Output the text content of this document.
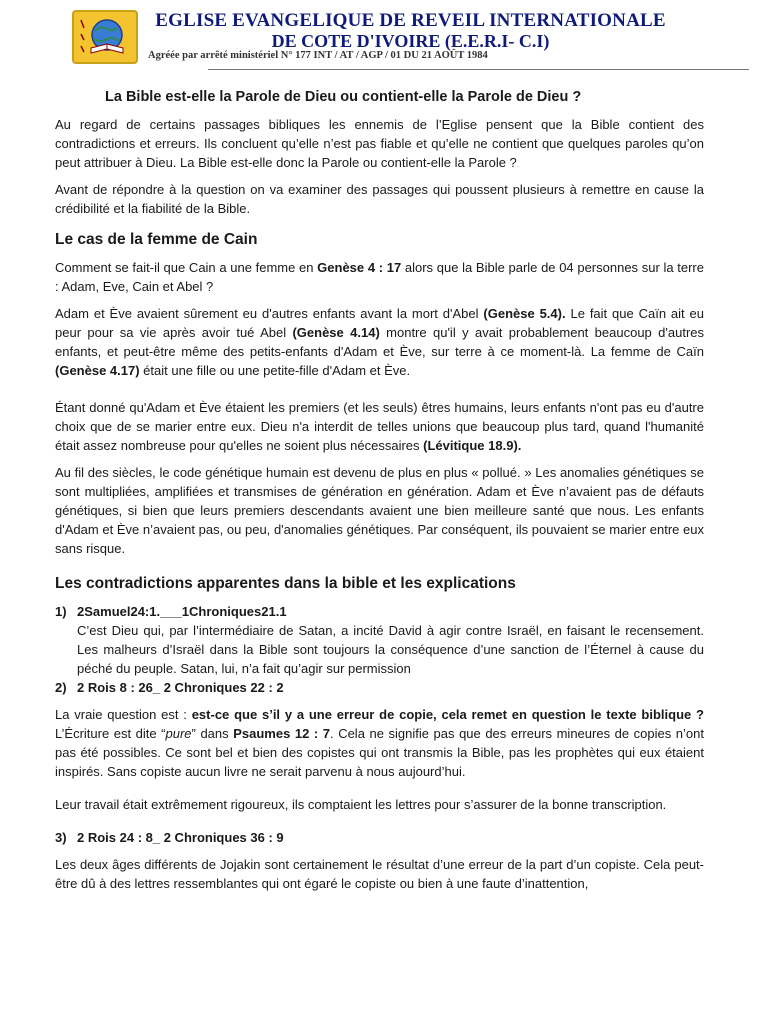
EGLISE EVANGELIQUE DE REVEIL INTERNATIONALE
DE COTE D'IVOIRE (E.E.R.I- C.I)
Agréée par arrêté ministériel N° 177 INT / AT / AGP / 01 DU 21 AOÛT 1984
La Bible est-elle la Parole de Dieu ou contient-elle la Parole de Dieu ?

Au regard de certains passages bibliques les ennemis de l’Eglise pensent que la Bible contient des contradictions et erreurs. Ils concluent qu’elle n’est pas fiable et qu’elle ne contient que quelques paroles qu’on peut attribuer à Dieu. La Bible est-elle donc la Parole ou contient-elle la Parole ?

Avant de répondre à la question on va examiner des passages qui poussent plusieurs à remettre en cause la crédibilité et la fiabilité de la Bible.

Le cas de la femme de Cain

Comment se fait-il que Cain a une femme en Genèse 4 : 17 alors que la Bible parle de 04 personnes sur la terre : Adam, Eve, Cain et Abel ?

Adam et Ève avaient sûrement eu d'autres enfants avant la mort d'Abel (Genèse 5.4). Le fait que Caïn ait eu peur pour sa vie après avoir tué Abel (Genèse 4.14) montre qu'il y avait probablement beaucoup d'autres enfants, et peut-être même des petits-enfants d'Adam et Ève, sur terre à ce moment-là. La femme de Caïn (Genèse 4.17) était une fille ou une petite-fille d'Adam et Ève.

Étant donné qu'Adam et Ève étaient les premiers (et les seuls) êtres humains, leurs enfants n'ont pas eu d'autre choix que de se marier entre eux. Dieu n'a interdit de telles unions que beaucoup plus tard, quand l'humanité était assez nombreuse pour qu'elles ne soient plus nécessaires (Lévitique 18.9).

Au fil des siècles, le code génétique humain est devenu de plus en plus « pollué. » Les anomalies génétiques se sont multipliées, amplifiées et transmises de génération en génération. Adam et Ève n’avaient pas de défauts génétiques, si bien que leurs premiers descendants avaient une bien meilleure santé que nous. Les enfants d'Adam et Ève n’avaient pas, ou peu, d'anomalies génétiques. Par conséquent, ils pouvaient se marier entre eux sans risque.

Les contradictions apparentes dans la bible et les explications
1) 2Samuel24:1.___1Chroniques21.1
C’est Dieu qui, par l’intermédiaire de Satan, a incité David à agir contre Israël, en faisant le recensement. Les malheurs d’Israël dans la Bible sont toujours la conséquence d’une sanction de l’Éternel à cause du péché du peuple. Satan, lui, n’a fait qu’agir sur permission
2) 2 Rois 8 : 26_ 2 Chroniques 22 : 2

La vraie question est : est-ce que s’il y a une erreur de copie, cela remet en question le texte biblique ? L’Écriture est dite “pure” dans Psaumes 12 : 7. Cela ne signifie pas que des erreurs mineures de copies n’ont pas été possibles. Ce sont bel et bien des copistes qui ont transmis la Bible, pas les prophètes qui eux étaient inspirés. Sans copiste aucun livre ne serait parvenu à nous aujourd’hui.

Leur travail était extrêmement rigoureux, ils comptaient les lettres pour s’assurer de la bonne transcription.

3) 2 Rois 24 : 8_ 2 Chroniques 36 : 9

Les deux âges différents de Jojakin sont certainement le résultat d’une erreur de la part d’un copiste. Cela peut-être dû à des lettres ressemblantes qui ont égaré le copiste ou bien à une faute d’inattention,
